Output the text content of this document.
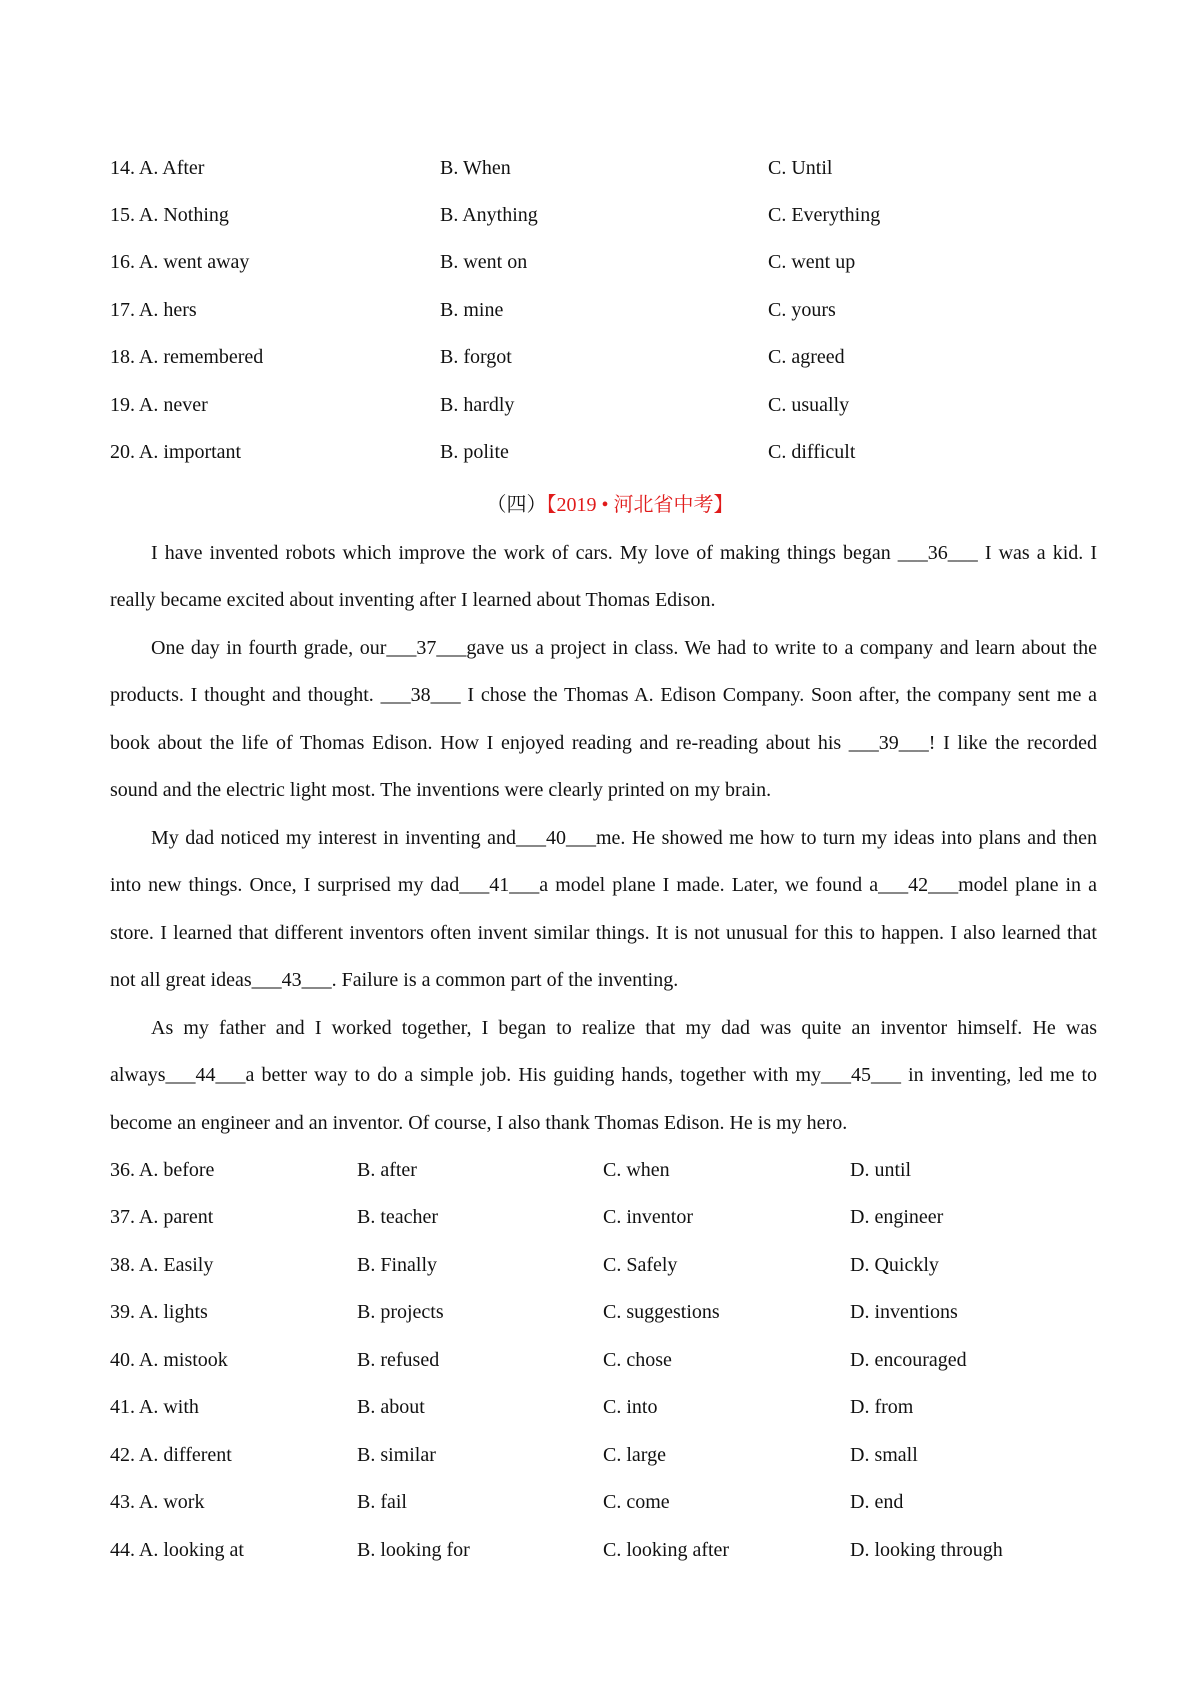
14. A. After	B. When	C. Until
15. A. Nothing	B. Anything	C. Everything
16. A. went away	B. went on	C. went up
17. A. hers	B. mine	C. yours
18. A. remembered	B. forgot	C. agreed
19. A. never	B. hardly	C. usually
20. A. important	B. polite	C. difficult
（四）【2019 • 河北省中考】

I have invented robots which improve the work of cars. My love of making things began ___36___ I was a kid. I really became excited about inventing after I learned about Thomas Edison.

One day in fourth grade, our___37___gave us a project in class. We had to write to a company and learn about the products. I thought and thought. ___38___ I chose the Thomas A. Edison Company. Soon after, the company sent me a book about the life of Thomas Edison. How I enjoyed reading and re-reading about his ___39___! I like the recorded sound and the electric light most. The inventions were clearly printed on my brain.

My dad noticed my interest in inventing and___40___me. He showed me how to turn my ideas into plans and then into new things. Once, I surprised my dad___41___a model plane I made. Later, we found a___42___model plane in a store. I learned that different inventors often invent similar things. It is not unusual for this to happen. I also learned that not all great ideas___43___. Failure is a common part of the inventing.

As my father and I worked together, I began to realize that my dad was quite an inventor himself. He was always___44___a better way to do a simple job. His guiding hands, together with my___45___ in inventing, led me to become an engineer and an inventor. Of course, I also thank Thomas Edison. He is my hero.

36. A. before	B. after	C. when	D. until
37. A. parent	B. teacher	C. inventor	D. engineer
38. A. Easily	B. Finally	C. Safely	D. Quickly
39. A. lights	B. projects	C. suggestions	D. inventions
40. A. mistook	B. refused	C. chose	D. encouraged
41. A. with	B. about	C. into	D. from
42. A. different	B. similar	C. large	D. small
43. A. work	B. fail	C. come	D. end
44. A. looking at	B. looking for	C. looking after	D. looking through
